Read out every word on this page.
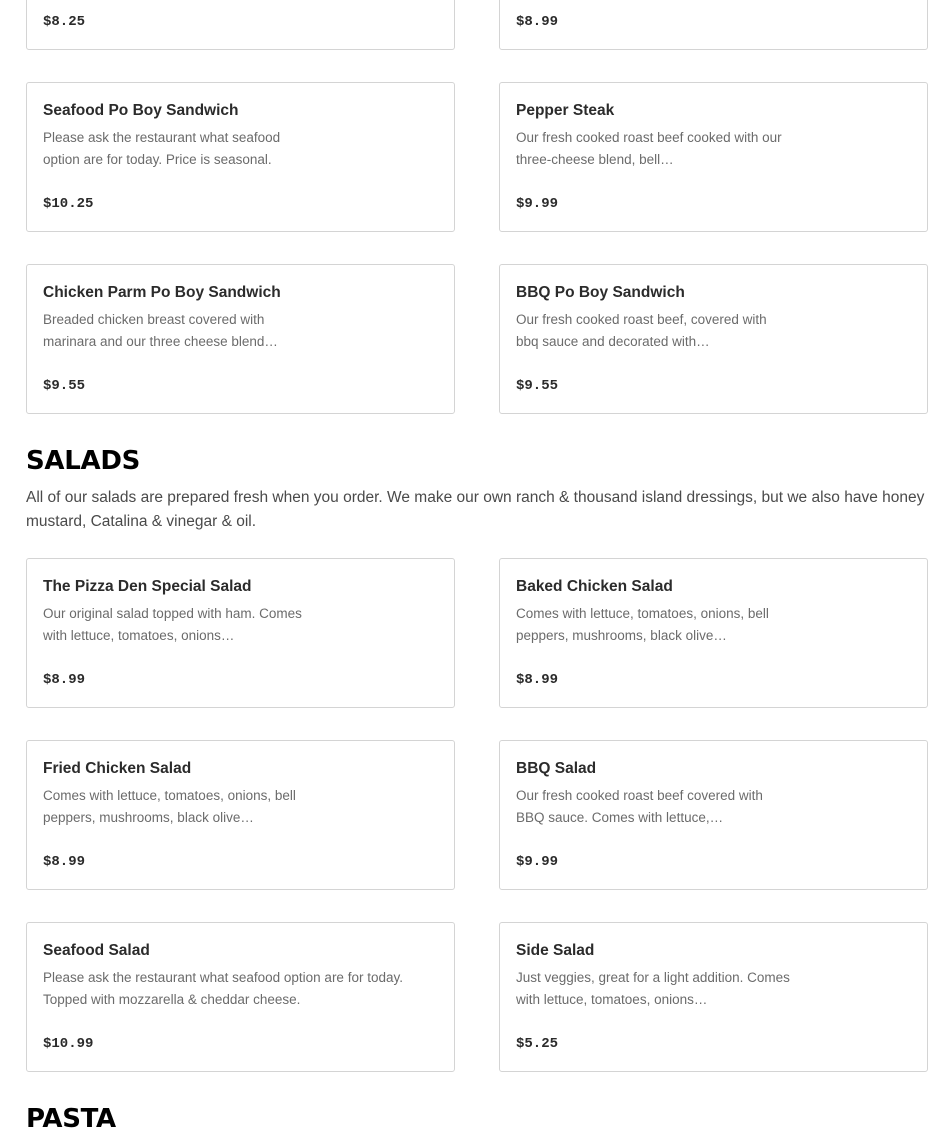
$8.25	$8.99
Seafood Po Boy Sandwich
Please ask the restaurant what seafood option are for today. Price is seasonal.
$10.25
Pepper Steak
Our fresh cooked roast beef cooked with our three-cheese blend, bell…
$9.99
Chicken Parm Po Boy Sandwich
Breaded chicken breast covered with marinara and our three cheese blend…
$9.55
BBQ Po Boy Sandwich
Our fresh cooked roast beef, covered with bbq sauce and decorated with…
$9.55
SALADS

All of our salads are prepared fresh when you order. We make our own ranch & thousand island dressings, but we also have honey mustard, Catalina & vinegar & oil.

The Pizza Den Special Salad
Our original salad topped with ham. Comes with lettuce, tomatoes, onions…
$8.99
Baked Chicken Salad
Comes with lettuce, tomatoes, onions, bell peppers, mushrooms, black olive…
$8.99
Fried Chicken Salad
Comes with lettuce, tomatoes, onions, bell peppers, mushrooms, black olive…
$8.99
BBQ Salad
Our fresh cooked roast beef covered with BBQ sauce. Comes with lettuce,…
$9.99
Seafood Salad
Please ask the restaurant what seafood option are for today. Topped with mozzarella & cheddar cheese.
$10.99
Side Salad
Just veggies, great for a light addition. Comes with lettuce, tomatoes, onions…
$5.25
PASTA
